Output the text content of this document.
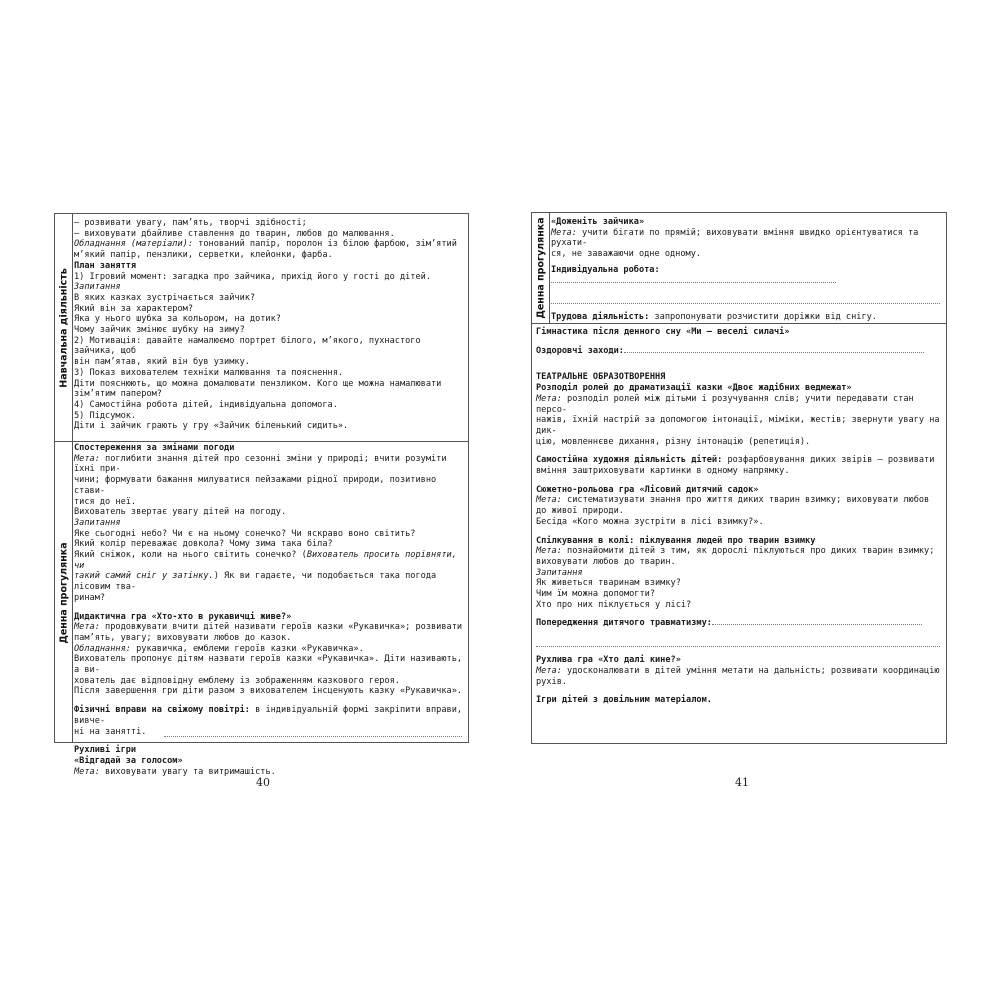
Навчальна діяльність
Денна прогулянка

— розвивати увагу, пам’ять, творчі здібності;

— виховувати дбайливе ставлення до тварин, любов до малювання.

Обладнання (матеріали): тонований папір, поролон із білою фарбою, зім’ятий

м’який папір, пензлики, серветки, клейонки, фарба.

План заняття

1) Ігровий момент: загадка про зайчика, прихід його у гості до дітей.

Запитання

В яких казках зустрічається зайчик?

Який він за характером?

Яка у нього шубка за кольором, на дотик?

Чому зайчик змінює шубку на зиму?

2) Мотивація: давайте намалюємо портрет білого, м’якого, пухнастого зайчика, щоб

він пам’ятав, який він був узимку.

3) Показ вихователем техніки малювання та пояснення.

Діти пояснюють, що можна домалювати пензликом. Кого ще можна намалювати

зім’ятим папером?

4) Самостійна робота дітей, індивідуальна допомога.

5) Підсумок.

Діти і зайчик грають у гру «Зайчик біленький сидить».

Спостереження за змінами погоди

Мета: поглибити знання дітей про сезонні зміни у природі; вчити розуміти їхні при-

чини; формувати бажання милуватися пейзажами рідної природи, позитивно стави-

тися до неї.

Вихователь звертає увагу дітей на погоду.

Запитання

Яке сьогодні небо? Чи є на ньому сонечко? Чи яскраво воно світить?

Який колір переважає довкола? Чому зима така біла?

Який сніжок, коли на нього світить сонечко? (Вихователь просить порівняти, чи

такий самий сніг у затінку.) Як ви гадаєте, чи подобається така погода лісовим тва-

ринам?

Дидактична гра «Хто-хто в рукавичці живе?»

Мета: продовжувати вчити дітей називати героїв казки «Рукавичка»; розвивати

пам’ять, увагу; виховувати любов до казок.

Обладнання: рукавичка, емблеми героїв казки «Рукавичка».

Вихователь пропонує дітям назвати героїв казки «Рукавичка». Діти називають, а ви-

хователь дає відповідну емблему із зображенням казкового героя.

Після завершення гри діти разом з вихователем інсценують казку «Рукавичка».

Фізичні вправи на свіжому повітрі: в індивідуальній формі закріпити вправи, вивче-

ні на занятті.

Рухливі ігри

«Відгадай за голосом»

Мета: виховувати увагу та витримашість.

40
Денна прогулянка «Доженіть зайчика»

Мета: учити бігати по прямій; виховувати вміння швидко орієнтуватися та рухати-

ся, не заважаючи одне одному.

Індивідуальна робота:

Трудова діяльність: запропонувати розчистити доріжки від снігу.

Гімнастика після денного сну «Ми — веселі силачі»

Оздоровчі заходи:

ТЕАТРАЛЬНЕ ОБРАЗОТВОРЕННЯ

Розподіл ролей до драматизації казки «Двоє жадібних ведмежат»

Мета: розподіл ролей між дітьми і розучування слів; учити передавати стан персо-

нажів, їхній настрій за допомогою інтонації, міміки, жестів; звернути увагу на дик-

цію, мовленнєве дихання, різну інтонацію (репетиція).

Самостійна художня діяльність дітей: розфарбовування диких звірів — розвивати

вміння заштриховувати картинки в одному напрямку.

Сюжетно-рольова гра «Лісовий дитячий садок»

Мета: систематизувати знання про життя диких тварин взимку; виховувати любов

до живої природи.

Бесіда «Кого можна зустріти в лісі взимку?».

Спілкування в колі: піклування людей про тварин взимку

Мета: познайомити дітей з тим, як дорослі піклуються про диких тварин взимку;

виховувати любов до тварин.

Запитання

Як живеться тваринам взимку?

Чим їм можна допомогти?

Хто про них піклується у лісі?

Попередження дитячого травматизму:

Рухлива гра «Хто далі кине?»

Мета: удосконалювати в дітей уміння метати на дальність; розвивати координацію

рухів.

Ігри дітей з довільним матеріалом.

41
